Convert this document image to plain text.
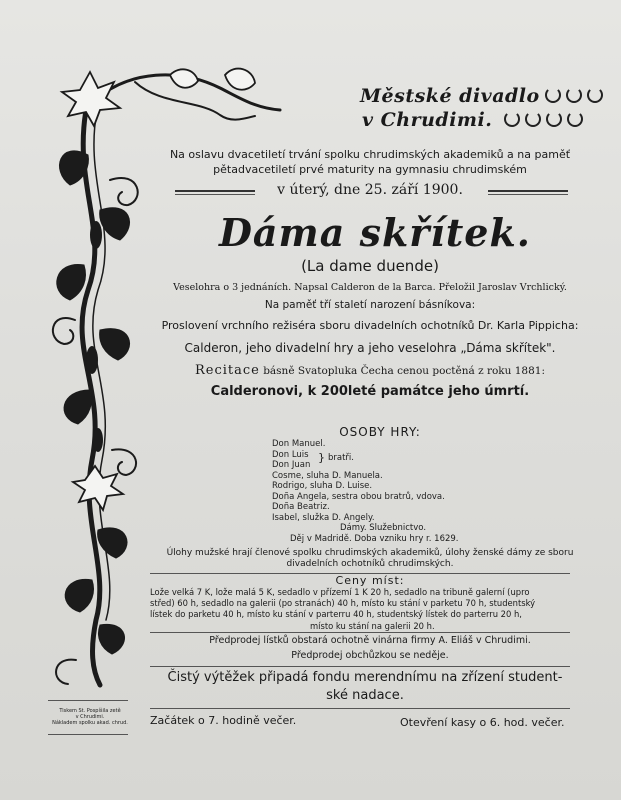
Městské divadlo
v Chrudimi.
Na oslavu dvacetiletí trvání spolku chrudimských akademiků a na paměť
pětadvacetiletí prvé maturity na gymnasiu chrudimském
v úterý, dne 25. září 1900.
Dáma skřítek.
(La dame duende)
Veselohra o 3 jednáních. Napsal Calderon de la Barca. Přeložil Jaroslav Vrchlický.
Na paměť tří staletí narození básníkova:
Proslovení vrchního režiséra sboru divadelních ochotníků Dr. Karla Pippicha:
Calderon, jeho divadelní hry a jeho veselohra „Dáma skřítek".
Recitace básně Svatopluka Čecha cenou poctěná z roku 1881:
Calderonovi, k 200leté památce jeho úmrtí.
OSOBY HRY:
Don Manuel.
Don Luis
Don Juan
Cosme, sluha D. Manuela.
Rodrigo, sluha D. Luise.
Doña Angela, sestra obou bratrů, vdova.
Doña Beatriz.
Isabel, služka D. Angely.
} bratři.
Dámy. Služebnictvo.
Děj v Madridě. Doba vzniku hry r. 1629.
Úlohy mužské hrají členové spolku chrudimských akademiků, úlohy ženské dámy ze sboru
divadelních ochotníků chrudimských.
Ceny míst:
Lože velká 7 K, lože malá 5 K, sedadlo v přízemí 1 K 20 h, sedadlo na tribuně galerní (upro
střed) 60 h, sedadlo na galerii (po stranách) 40 h, místo ku stání v parketu 70 h, studentský
lístek do parketu 40 h, místo ku stání v parterru 40 h, studentský lístek do parterru 20 h,
místo ku stání na galerii 20 h.
Předprodej lístků obstará ochotně vinárna firmy A. Eliáš v Chrudimi.
Předprodej obchůzkou se neděje.
Čistý výtěžek připadá fondu merendnímu na zřízení student-
ské nadace.
Začátek o 7. hodině večer.	Otevření kasy o 6. hod. večer.
Tiskem St. Pospíšila zetě
v Chrudimi.
Nákladem spolku akad. chrud.
